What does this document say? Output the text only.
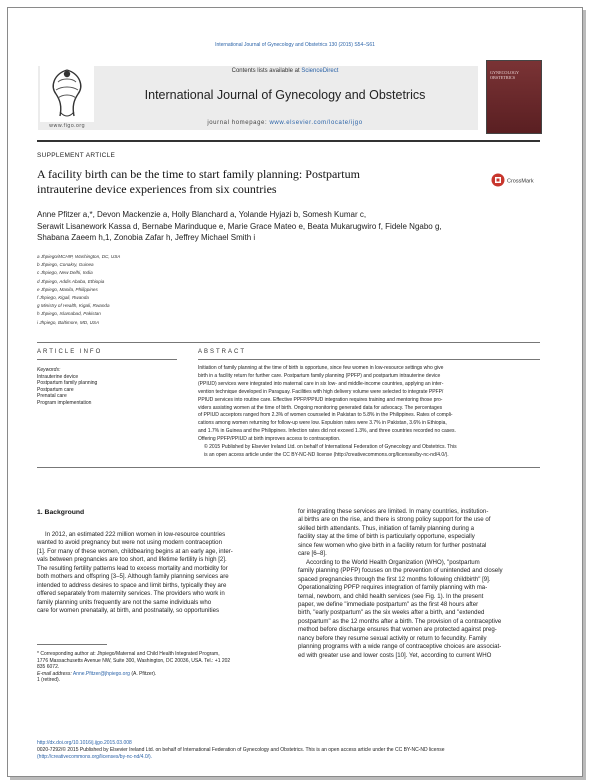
International Journal of Gynecology and Obstetrics 130 (2015) S54–S61
www.figo.org
Contents lists available at ScienceDirect
International Journal of Gynecology and Obstetrics
journal homepage: www.elsevier.com/locate/ijgo
GYNECOLOGY OBSTETRICS
SUPPLEMENT ARTICLE
A facility birth can be the time to start family planning: Postpartum
intrauterine device experiences from six countries
CrossMark
Anne Pfitzer a,*, Devon Mackenzie a, Holly Blanchard a, Yolande Hyjazi b, Somesh Kumar c,
Serawit Lisanework Kassa d, Bernabe Marinduque e, Marie Grace Mateo e, Beata Mukarugwiro f, Fidele Ngabo g,
Shabana Zaeem h,1, Zonobia Zafar h, Jeffrey Michael Smith i
a Jhpiego/MCHIP, Washington, DC, USA
b Jhpiego, Conakry, Guinea
c Jhpiego, New Delhi, India
d Jhpiego, Addis Ababa, Ethiopia
e Jhpiego, Manila, Philippines
f Jhpiego, Kigali, Rwanda
g Ministry of Health, Kigali, Rwanda
h Jhpiego, Islamabad, Pakistan
i Jhpiego, Baltimore, MD, USA
ARTICLE INFO	ABSTRACT
Keywords:
Intrauterine device
Postpartum family planning
Postpartum care
Prenatal care
Program implementation
Initiation of family planning at the time of birth is opportune, since few women in low-resource settings who give
birth in a facility return for further care. Postpartum family planning (PPFP) and postpartum intrauterine device
(PPIUD) services were integrated into maternal care in six low- and middle-income countries, applying an inter-
vention technique developed in Paraguay. Facilities with high delivery volume were selected to integrate PPFP/
PPIUD services into routine care. Effective PPFP/PPIUD integration requires training and mentoring those pro-
viders assisting women at the time of birth. Ongoing monitoring generated data for advocacy. The percentages
of PPIUD acceptors ranged from 2.3% of women counseled in Pakistan to 5.8% in the Philippines. Rates of compli-
cations among women returning for follow-up were low. Expulsion rates were 3.7% in Pakistan, 3.6% in Ethiopia,
and 1.7% in Guinea and the Philippines. Infection rates did not exceed 1.3%, and three countries recorded no cases.
Offering PPFP/PPIUD at birth improves access to contraception.
© 2015 Published by Elsevier Ireland Ltd. on behalf of International Federation of Gynecology and Obstetrics. This
is an open access article under the CC BY-NC-ND license (http://creativecommons.org/licenses/by-nc-nd/4.0/).
1. Background
In 2012, an estimated 222 million women in low-resource countries
wanted to avoid pregnancy but were not using modern contraception
[1]. For many of these women, childbearing begins at an early age, inter-
vals between pregnancies are too short, and lifetime fertility is high [2].
The resulting fertility patterns lead to excess mortality and morbidity for
both mothers and offspring [3–5]. Although family planning services are
intended to address desires to space and limit births, typically they are
offered separately from maternity services. The providers who work in
family planning units frequently are not the same individuals who
care for women prenatally, at birth, and postnatally, so opportunities
for integrating these services are limited. In many countries, institution-
al births are on the rise, and there is strong policy support for the use of
skilled birth attendants. Thus, initiation of family planning during a
facility stay at the time of birth is particularly opportune, especially
since few women who give birth in a facility return for further postnatal
care [6–8].
According to the World Health Organization (WHO), "postpartum
family planning (PPFP) focuses on the prevention of unintended and closely
spaced pregnancies through the first 12 months following childbirth" [9].
Operationalizing PPFP requires integration of family planning with ma-
ternal, newborn, and child health services (see Fig. 1). In the present
paper, we define "immediate postpartum" as the first 48 hours after
birth, "early postpartum" as the six weeks after a birth, and "extended
postpartum" as the 12 months after a birth. The provision of a contraceptive
method before discharge ensures that women are protected against preg-
nancy before they resume sexual activity or return to fecundity. Family
planning programs with a wide range of contraceptive choices are associat-
ed with greater use and lower costs [10]. Yet, according to current WHO
* Corresponding author at: Jhpiego/Maternal and Child Health Integrated Program,
1776 Massachusetts Avenue NW, Suite 300, Washington, DC 20036, USA. Tel.: +1 202
835 6072.
E-mail address: Anne.Pfitzer@jhpiego.org (A. Pfitzer).
1 (retired).
http://dx.doi.org/10.1016/j.ijgo.2015.03.008
0020-7292/© 2015 Published by Elsevier Ireland Ltd. on behalf of International Federation of Gynecology and Obstetrics. This is an open access article under the CC BY-NC-ND license
(http://creativecommons.org/licenses/by-nc-nd/4.0/).
